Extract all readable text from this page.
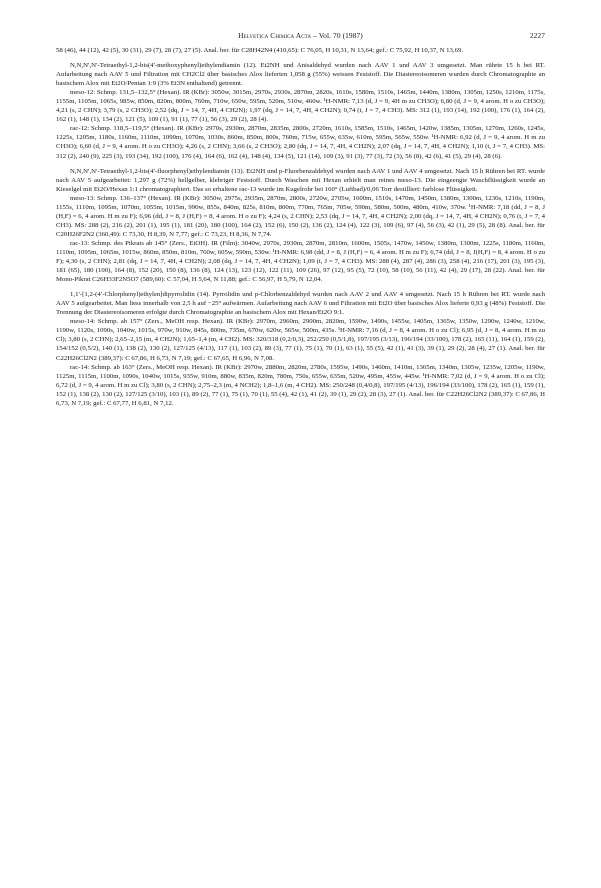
Helvetica Chimica Acta – Vol. 70 (1987)	2227

58 (46), 44 (12), 42 (5), 30 (31), 29 (7), 28 (7), 27 (5). Anal. ber. für C28H42N4 (410,65): C 76,05, H 10,31, N 13,64; gef.: C 75,92, H 10,37, N 13,69.

N,N,N′,N′-Tetraethyl-1,2-bis(4′-methoxyphenyl)ethylendiamin (12). Et2NH und Anisaldehyd wurden nach AAV 1 und AAV 3 umgesetzt. Man rührte 15 h bei RT. Aufarbeitung nach AAV 5 und Filtration mit CH2Cl2 über basisches Alox lieferten 1,058 g (55%) weissen Feststoff. Die Diastereoisomeren wurden durch Chromatographie an basischem Alox mit Et2O/Pentan 1:9 (3% Et3N enthaltend) getrennt.

meso-12: Schmp. 131,5–132,5° (Hexan). IR (KBr): 3050w, 3015m, 2970s, 2930s, 2870m, 2820s, 1610s, 1580m, 1510s, 1465m, 1440m, 1380m, 1305m, 1250s, 1210m, 1175s, 1155m, 1105m, 1065s, 985w, 850m, 820m, 800m, 760m, 710w, 650w, 595m, 520m, 510w, 460w. ¹H-NMR: 7,13 (d, J = 9, 4H m zu CH3O); 6,80 (d, J = 9, 4 arom. H o zu CH3O); 4,21 (s, 2 CHN); 3,79 (s, 2 CH3O); 2,52 (dq, J = 14, 7, 4H, 4 CH2N); 1,97 (dq, J = 14, 7, 4H, 4 CH2N); 0,74 (t, J = 7, 4 CH3). MS: 312 (1), 193 (14), 192 (100), 176 (1), 164 (2), 162 (1), 148 (1), 134 (2), 121 (5), 109 (1), 91 (1), 77 (1), 56 (3), 29 (2), 28 (4).

rac-12: Schmp. 118,5–119,5° (Hexan). IR (KBr): 2970s, 2930m, 2870m, 2835m, 2800s, 2720m, 1610s, 1585m, 1510s, 1465m, 1420w, 1385m, 1305m, 1270m, 1260s, 1245s, 1225s, 1205m, 1180s, 1160m, 1110m, 1090m, 1070m, 1030s, 860m, 850m, 800s, 760m, 715w, 655w, 635w, 610m, 595m, 565w, 550w. ¹H-NMR: 6,92 (d, J = 9, 4 arom. H m zu CH3O); 6,60 (d, J = 9, 4 arom. H o zu CH3O); 4,26 (s, 2 CHN); 3,66 (s, 2 CH3O); 2,80 (dq, J = 14, 7, 4H, 4 CH2N); 2,07 (dq, J = 14, 7, 4H, 4 CH2N); 1,10 (t, J = 7, 4 CH3). MS: 312 (2), 240 (9), 225 (3), 193 (34), 192 (100), 176 (4), 164 (6), 162 (4), 148 (4), 134 (5), 121 (14), 109 (3), 91 (3), 77 (3), 72 (3), 56 (8), 42 (6), 41 (5), 29 (4), 28 (6).

N,N,N′,N′-Tetraethyl-1,2-bis(4′-fluorphenyl)ethylendiamin (13). Et2NH und p-Fluorbenzaldehyd wurden nach AAV 1 und AAV 4 umgesetzt. Nach 15 h Rühren bei RT. wurde nach AAV 5 aufgearbeitet: 1,297 g (72%) hellgelber, klebriger Feststoff. Durch Waschen mit Hexan erhielt man reines meso-13. Die eingeengte Waschflüssigkeit wurde an Kieselgel mit Et2O/Hexan 1:1 chromatographiert. Das so erhaltene rac-13 wurde im Kugelrohr bei 160° (Luftbad)/0,06 Torr destilliert: farblose Flüssigkeit.

meso-13: Schmp. 136–137° (Hexan). IR (KBr): 3050w, 2975s, 2935m, 2870m, 2800s, 2720w, 2705w, 1600m, 1510s, 1470m, 1450m, 1380m, 1300m, 1230s, 1210s, 1190m, 1155s, 1110m, 1095m, 1070m, 1055m, 1015m, 990w, 855s, 840m, 825s, 810m, 800m, 770m, 765m, 705w, 590m, 580m, 500m, 480m, 410w, 370w. ¹H-NMR: 7,18 (dd, J = 8, J (H,F) = 6, 4 arom. H m zu F); 6,96 (dd, J = 8, J (H,F) = 8, 4 arom. H o zu F); 4,24 (s, 2 CHN); 2,53 (dq, J = 14, 7, 4H, 4 CH2N); 2,00 (dq, J = 14, 7, 4H, 4 CH2N); 0,76 (t, J = 7, 4 CH3). MS: 288 (2), 216 (2), 201 (1), 195 (1), 181 (20), 180 (100), 164 (2), 152 (6), 150 (2), 136 (2), 124 (4), 122 (3), 109 (6), 97 (4), 56 (3), 42 (1), 29 (5), 28 (8). Anal. ber. für C20H26F2N2 (360,49): C 73,30, H 8,39, N 7,77; gef.: C 73,23, H 8,36, N 7,74.

rac-13: Schmp. des Pikrats ab 145° (Zers., EtOH). IR (Film): 3040w, 2970s, 2930m, 2870m, 2810m, 1600m, 1505s, 1470w, 1450w, 1380m, 1300m, 1225s, 1180m, 1160m, 1110m, 1095m, 1065m, 1015w, 860m, 850m, 810m, 760w, 605w, 590m, 530w. ¹H-NMR: 6,98 (dd, J = 8, J (H,F) = 6, 4 arom. H m zu F); 6,74 (dd, J = 8, J(H,F) = 8, 4 arom. H o zu F); 4,30 (s, 2 CHN); 2,81 (dq, J = 14, 7, 4H, 4 CH2N); 2,08 (dq, J = 14, 7, 4H, 4 CH2N); 1,09 (t, J = 7, 4 CH3). MS: 288 (4), 287 (4), 286 (3), 258 (4), 216 (17), 201 (3), 195 (3), 181 (65), 180 (100), 164 (8), 152 (20), 150 (8), 136 (8), 124 (13), 123 (12), 122 (11), 109 (26), 97 (12), 95 (5), 72 (10), 58 (10), 56 (11), 42 (4), 29 (17), 28 (22). Anal. ber. für Mono-Pikrat C26H33F2N5O7 (589,60): C 57,04, H 5,64, N 11,88; gef.: C 56,97, H 5,79, N 12,04.

1,1′-[1,2-(4′-Chlorphenyl)ethylen]dipyrrolidin (14). Pyrrolidin und p-Chlorbenzaldehyd wurden nach AAV 2 und AAV 4 umgesetzt. Nach 15 h Rühren bei RT. wurde nach AAV 5 aufgearbeitet. Man liess innerhalb von 2,5 h auf −25° aufwärmen. Aufarbeitung nach AAV 6 und Filtration mit Et2O über basisches Alox lieferte 0,93 g (48%) Feststoff. Die Trennung der Diastereoisomeren erfolgte durch Chromatographie an basischem Alox mit Hexan/Et2O 9:1.

meso-14: Schmp. ab 157° (Zers., MeOH resp. Hexan). IR (KBr): 2970m, 2960m, 2900m, 2820m, 1590w, 1490s, 1455w, 1405m, 1365w, 1350w, 1290w, 1240w, 1210w, 1190w, 1120s, 1090s, 1040w, 1015s, 970w, 910w, 845s, 800m, 735m, 670w, 620w, 565w, 500m, 435s. ¹H-NMR: 7,16 (d, J = 8, 4 arom. H o zu Cl); 6,95 (d, J = 8, 4 arom. H m zu Cl); 3,80 (s, 2 CHN); 2,65–2,15 (m, 4 CH2N); 1,65–1,4 (m, 4 CH2). MS: 320/318 (0,2/0,3), 252/250 (0,5/1,8), 197/195 (3/13), 196/194 (33/100), 178 (2), 165 (11), 164 (1), 159 (2), 154/152 (0,5/2), 140 (1), 138 (2), 130 (2), 127/125 (4/13), 117 (1), 103 (2), 89 (3), 77 (1), 75 (1), 70 (1), 63 (1), 55 (5), 42 (1), 41 (3), 39 (1), 29 (2), 28 (4), 27 (1). Anal. ber. für C22H26Cl2N2 (389,37): C 67,86, H 6,73, N 7,19; gef.: C 67,65, H 6,96, N 7,08.

rac-14: Schmp. ab 163° (Zers., MeOH resp. Hexan). IR (KBr): 2970w, 2880m, 2820m, 2780s, 1595w, 1490s, 1460m, 1410m, 1365m, 1340m, 1305w, 1235w, 1205w, 1190w, 1125m, 1115m, 1100m, 1090s, 1040w, 1015s, 935w, 910m, 880w, 835m, 820m, 780m, 750s, 655w, 635m, 520w, 495m, 455w, 445w. ¹H-NMR: 7,02 (d, J = 9, 4 arom. H o zu Cl); 6,72 (d, J = 9, 4 arom. H m zu Cl); 3,80 (s, 2 CHN); 2,75–2,3 (m, 4 NCH2); 1,8–1,6 (m, 4 CH2). MS: 250/248 (0,4/0,8), 197/195 (4/13), 196/194 (33/100), 178 (2), 165 (1), 159 (1), 152 (1), 138 (2), 130 (2), 127/125 (3/10), 103 (1), 89 (2), 77 (1), 75 (1), 70 (1), 55 (4), 42 (1), 41 (2), 39 (1), 29 (2), 28 (3), 27 (1). Anal. ber. für C22H26Cl2N2 (389,37): C 67,86, H 6,73, N 7,19; gef.: C 67,77, H 6,81, N 7,12.
